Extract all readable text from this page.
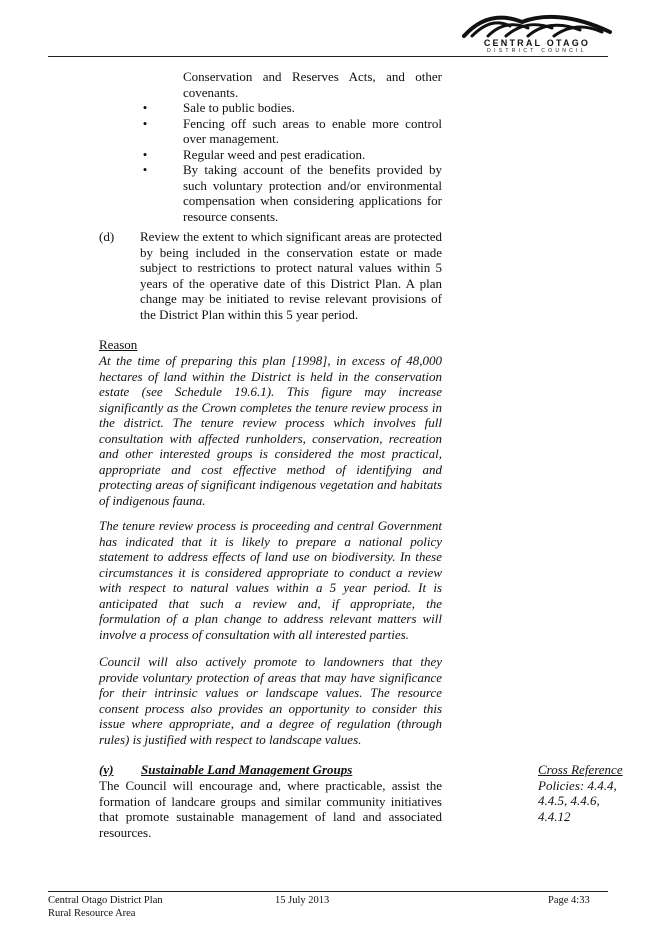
CENTRAL OTAGO
DISTRICT COUNCIL
Conservation and Reserves Acts, and other covenants.
•	Sale to public bodies.
•	Fencing off such areas to enable more control over management.
•	Regular weed and pest eradication.
•	By taking account of the benefits provided by such voluntary protection and/or environmental compensation when considering applications for resource consents.
(d) Review the extent to which significant areas are protected by being included in the conservation estate or made subject to restrictions to protect natural values within 5 years of the operative date of this District Plan. A plan change may be initiated to revise relevant provisions of the District Plan within this 5 year period.
Reason
At the time of preparing this plan [1998], in excess of 48,000 hectares of land within the District is held in the conservation estate (see Schedule 19.6.1). This figure may increase significantly as the Crown completes the tenure review process in the district. The tenure review process which involves full consultation with affected runholders, conservation, recreation and other interested groups is considered the most practical, appropriate and cost effective method of identifying and protecting areas of significant indigenous vegetation and habitats of indigenous fauna.
The tenure review process is proceeding and central Government has indicated that it is likely to prepare a national policy statement to address effects of land use on biodiversity. In these circumstances it is considered appropriate to conduct a review with respect to natural values within a 5 year period. It is anticipated that such a review and, if appropriate, the formulation of a plan change to address relevant matters will involve a process of consultation with all interested parties.
Council will also actively promote to landowners that they provide voluntary protection of areas that may have significance for their intrinsic values or landscape values. The resource consent process also provides an opportunity to consider this issue where appropriate, and a degree of regulation (through rules) is justified with respect to landscape values.
(v) Sustainable Land Management Groups
The Council will encourage and, where practicable, assist the formation of landcare groups and similar community initiatives that promote sustainable management of land and associated resources.
Cross Reference
Policies: 4.4.4,
4.4.5, 4.4.6,
4.4.12
Central Otago District Plan
Rural Resource Area
15 July 2013	Page 4:33
